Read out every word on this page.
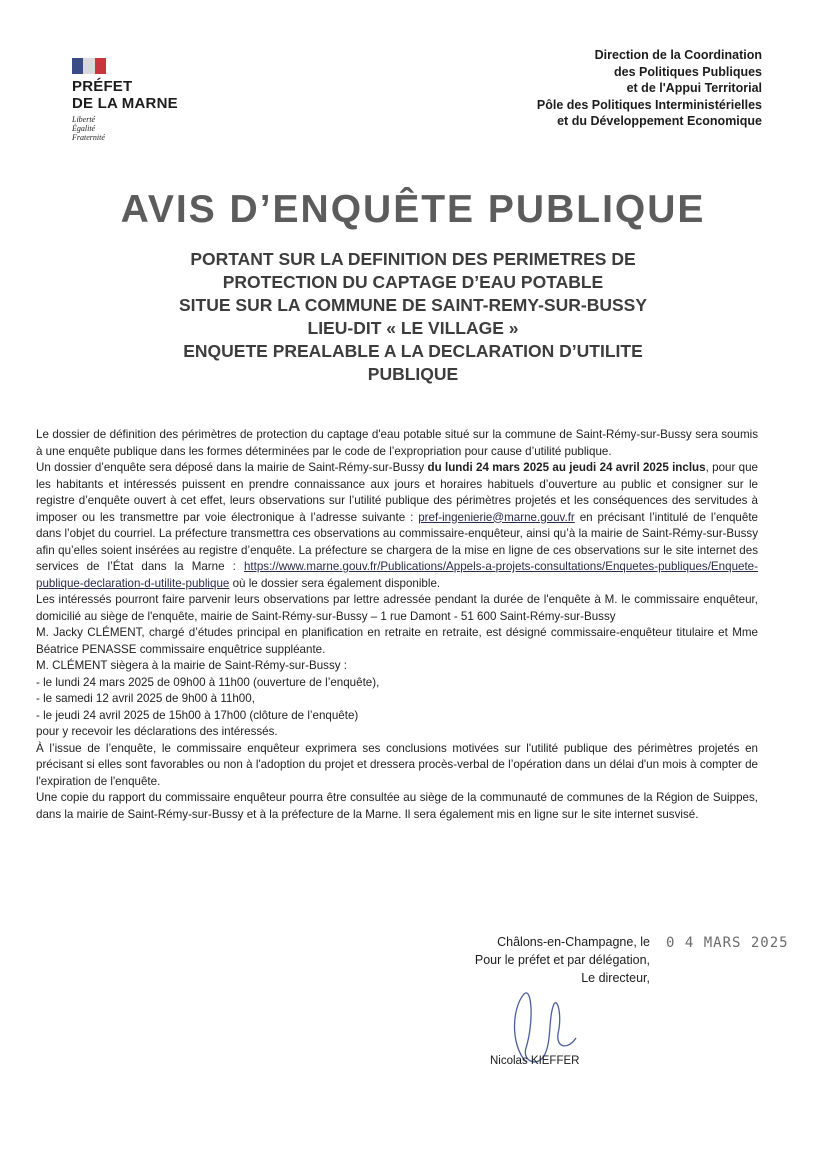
PRÉFET
DE LA MARNE
Liberté
Égalité
Fraternité
Direction de la Coordination
des Politiques Publiques
et de l'Appui Territorial
Pôle des Politiques Interministérielles
et du Développement Economique
AVIS D’ENQUÊTE PUBLIQUE
PORTANT SUR LA DEFINITION DES PERIMETRES DE
PROTECTION DU CAPTAGE D’EAU POTABLE
SITUE SUR LA COMMUNE DE SAINT-REMY-SUR-BUSSY
LIEU-DIT « LE VILLAGE »
ENQUETE PREALABLE A LA DECLARATION D’UTILITE
PUBLIQUE

Le dossier de définition des périmètres de protection du captage d'eau potable situé sur la commune de Saint-Rémy-sur-Bussy sera soumis à une enquête publique dans les formes déterminées par le code de l’expropriation pour cause d’utilité publique.

Un dossier d’enquête sera déposé dans la mairie de Saint-Rémy-sur-Bussy du lundi 24 mars 2025 au jeudi 24 avril 2025 inclus, pour que les habitants et intéressés puissent en prendre connaissance aux jours et horaires habituels d’ouverture au public et consigner sur le registre d’enquête ouvert à cet effet, leurs observations sur l’utilité publique des périmètres projetés et les conséquences des servitudes à imposer ou les transmettre par voie électronique à l’adresse suivante : pref-ingenierie@marne.gouv.fr en précisant l’intitulé de l’enquête dans l’objet du courriel. La préfecture transmettra ces observations au commissaire-enquêteur, ainsi qu’à la mairie de Saint-Rémy-sur-Bussy afin qu’elles soient insérées au registre d’enquête. La préfecture se chargera de la mise en ligne de ces observations sur le site internet des services de l’État dans la Marne : https://www.marne.gouv.fr/Publications/Appels-a-projets-consultations/Enquetes-publiques/Enquete-publique-declaration-d-utilite-publique où le dossier sera également disponible.

Les intéressés pourront faire parvenir leurs observations par lettre adressée pendant la durée de l'enquête à M. le commissaire enquêteur, domicilié au siège de l'enquête, mairie de Saint-Rémy-sur-Bussy – 1 rue Damont - 51 600 Saint-Rémy-sur-Bussy

M. Jacky CLÉMENT, chargé d’études principal en planification en retraite en retraite, est désigné commissaire-enquêteur titulaire et Mme Béatrice PENASSE commissaire enquêtrice suppléante.

M. CLÉMENT siègera à la mairie de Saint-Rémy-sur-Bussy :

- le lundi 24 mars 2025 de 09h00 à 11h00 (ouverture de l’enquête),

- le samedi 12 avril 2025 de 9h00 à 11h00,

- le jeudi 24 avril 2025 de 15h00 à 17h00 (clôture de l’enquête)

pour y recevoir les déclarations des intéressés.

À l’issue de l’enquête, le commissaire enquêteur exprimera ses conclusions motivées sur l'utilité publique des périmètres projetés en précisant si elles sont favorables ou non à l'adoption du projet et dressera procès-verbal de l’opération dans un délai d'un mois à compter de l'expiration de l'enquête.

Une copie du rapport du commissaire enquêteur pourra être consultée au siège de la communauté de communes de la Région de Suippes, dans la mairie de Saint-Rémy-sur-Bussy et à la préfecture de la Marne. Il sera également mis en ligne sur le site internet susvisé.

Châlons-en-Champagne, le
Pour le préfet et par délégation,
Le directeur,
0 4 MARS 2025
Nicolas KIEFFER
